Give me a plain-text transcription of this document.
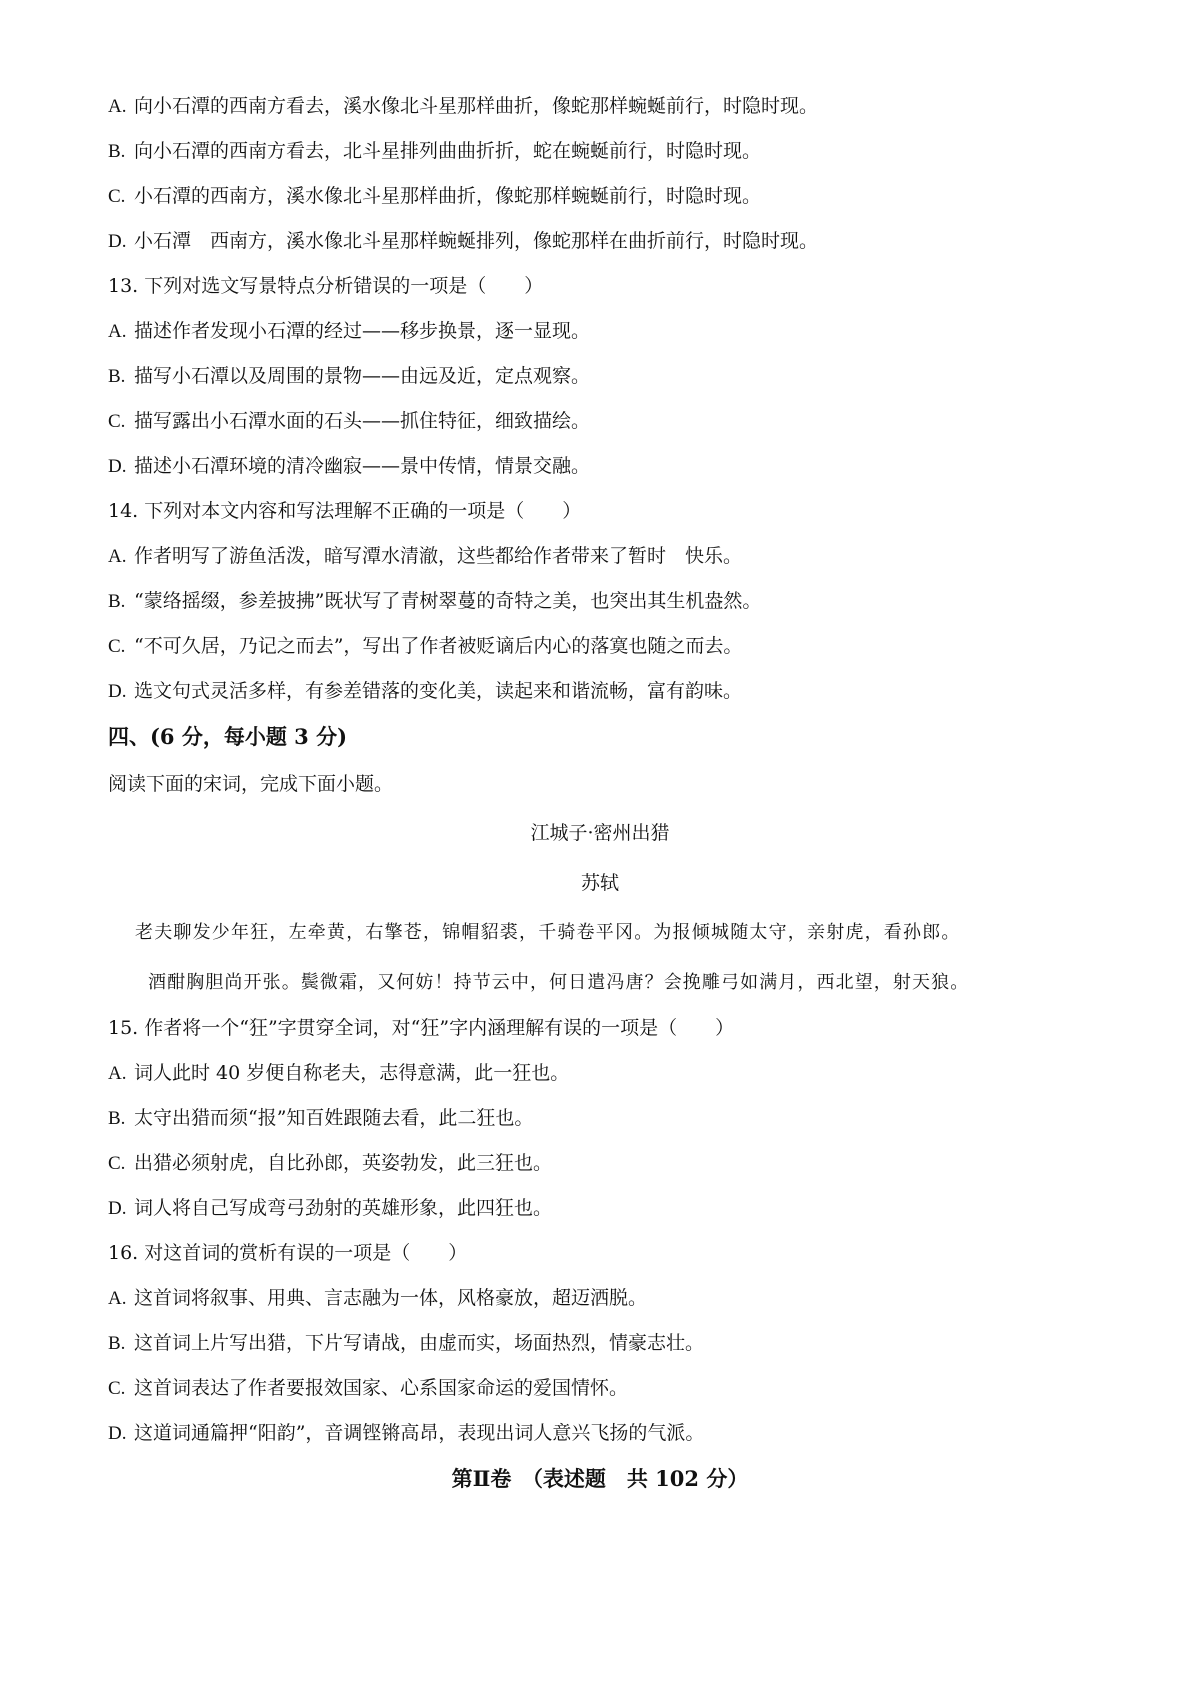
A. 向小石潭的西南方看去，溪水像北斗星那样曲折，像蛇那样蜿蜒前行，时隐时现。
B. 向小石潭的西南方看去，北斗星排列曲曲折折，蛇在蜿蜒前行，时隐时现。
C. 小石潭的西南方，溪水像北斗星那样曲折，像蛇那样蜿蜒前行，时隐时现。
D. 小石潭　西南方，溪水像北斗星那样蜿蜒排列，像蛇那样在曲折前行，时隐时现。
13. 下列对选文写景特点分析错误的一项是（　　）
A. 描述作者发现小石潭的经过——移步换景，逐一显现。
B. 描写小石潭以及周围的景物——由远及近，定点观察。
C. 描写露出小石潭水面的石头——抓住特征，细致描绘。
D. 描述小石潭环境的清冷幽寂——景中传情，情景交融。
14. 下列对本文内容和写法理解不正确的一项是（　　）
A. 作者明写了游鱼活泼，暗写潭水清澈，这些都给作者带来了暂时　快乐。
B. “蒙络摇缀，参差披拂”既状写了青树翠蔓的奇特之美，也突出其生机盎然。
C. “不可久居，乃记之而去”，写出了作者被贬谪后内心的落寞也随之而去。
D. 选文句式灵活多样，有参差错落的变化美，读起来和谐流畅，富有韵味。
四、(6 分，每小题 3 分)
阅读下面的宋词，完成下面小题。
江城子·密州出猎
苏轼
老夫聊发少年狂，左牵黄，右擎苍，锦帽貂裘，千骑卷平冈。为报倾城随太守，亲射虎，看孙郎。
酒酣胸胆尚开张。鬓微霜，又何妨！持节云中，何日遣冯唐？会挽雕弓如满月，西北望，射天狼。
15. 作者将一个“狂”字贯穿全词，对“狂”字内涵理解有误的一项是（　　）
A. 词人此时 40 岁便自称老夫，志得意满，此一狂也。
B. 太守出猎而须“报”知百姓跟随去看，此二狂也。
C. 出猎必须射虎，自比孙郎，英姿勃发，此三狂也。
D. 词人将自己写成弯弓劲射的英雄形象，此四狂也。
16. 对这首词的赏析有误的一项是（　　）
A. 这首词将叙事、用典、言志融为一体，风格豪放，超迈洒脱。
B. 这首词上片写出猎，下片写请战，由虚而实，场面热烈，情豪志壮。
C. 这首词表达了作者要报效国家、心系国家命运的爱国情怀。
D. 这道词通篇押“阳韵”，音调铿锵高昂，表现出词人意兴飞扬的气派。
第Ⅱ卷　（表述题　共 102 分）
